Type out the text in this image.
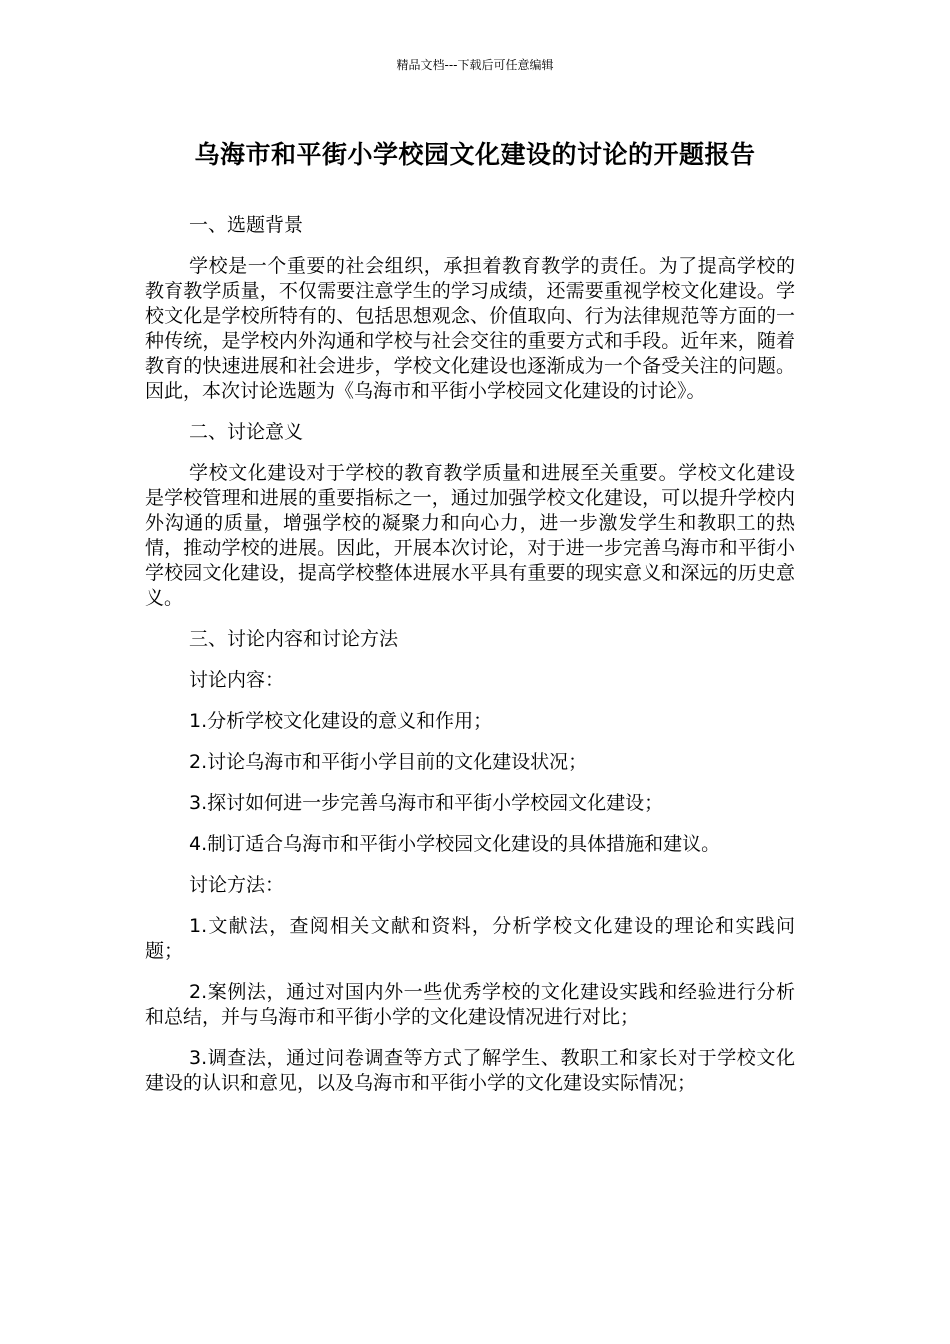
精品文档---下载后可任意编辑
乌海市和平街小学校园文化建设的讨论的开题报告

一、选题背景

学校是一个重要的社会组织，承担着教育教学的责任。为了提高学校的教育教学质量，不仅需要注意学生的学习成绩，还需要重视学校文化建设。学校文化是学校所特有的、包括思想观念、价值取向、行为法律规范等方面的一种传统，是学校内外沟通和学校与社会交往的重要方式和手段。近年来，随着教育的快速进展和社会进步，学校文化建设也逐渐成为一个备受关注的问题。因此，本次讨论选题为《乌海市和平街小学校园文化建设的讨论》。

二、讨论意义

学校文化建设对于学校的教育教学质量和进展至关重要。学校文化建设是学校管理和进展的重要指标之一，通过加强学校文化建设，可以提升学校内外沟通的质量，增强学校的凝聚力和向心力，进一步激发学生和教职工的热情，推动学校的进展。因此，开展本次讨论，对于进一步完善乌海市和平街小学校园文化建设，提高学校整体进展水平具有重要的现实意义和深远的历史意义。

三、讨论内容和讨论方法

讨论内容：

1.分析学校文化建设的意义和作用；

2.讨论乌海市和平街小学目前的文化建设状况；

3.探讨如何进一步完善乌海市和平街小学校园文化建设；

4.制订适合乌海市和平街小学校园文化建设的具体措施和建议。

讨论方法：

1.文献法，查阅相关文献和资料，分析学校文化建设的理论和实践问题；

2.案例法，通过对国内外一些优秀学校的文化建设实践和经验进行分析和总结，并与乌海市和平街小学的文化建设情况进行对比；

3.调查法，通过问卷调查等方式了解学生、教职工和家长对于学校文化建设的认识和意见，以及乌海市和平街小学的文化建设实际情况；
